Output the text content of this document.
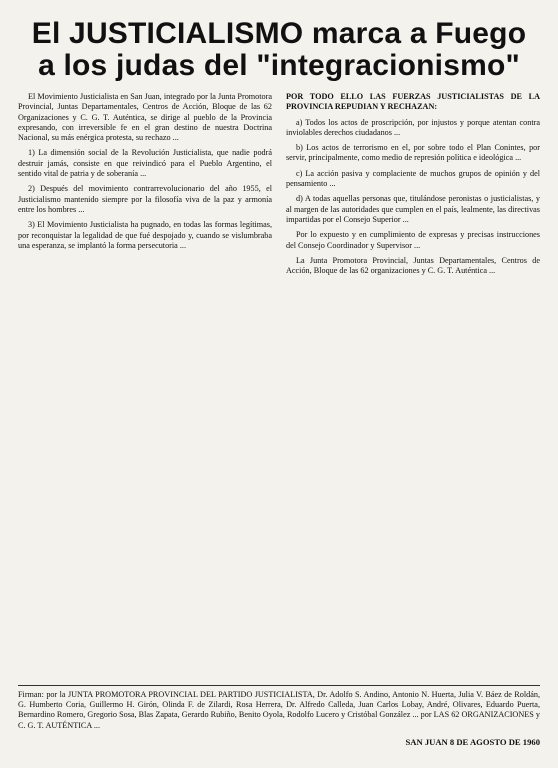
El JUSTICIALISMO marca a Fuego
a los judas del "integracionismo"

El Movimiento Justicialista en San Juan, integrado por la Junta Promotora Provincial, Juntas Departamentales, Centros de Acción, Bloque de las 62 Organizaciones y C. G. T. Auténtica, se dirige al pueblo de la Provincia expresando, con irreversible fe en el gran destino de nuestra Doctrina Nacional, su más enérgica protesta, su rechazo ...

1) La dimensión social de la Revolución Justicialista, que nadie podrá destruir jamás, consiste en que reivindicó para el Pueblo Argentino, el sentido vital de patria y de soberanía ...

2) Después del movimiento contrarrevolucionario del año 1955, el Justicialismo mantenido siempre por la filosofía viva de la paz y armonía entre los hombres ...

3) El Movimiento Justicialista ha pugnado, en todas las formas legítimas, por reconquistar la legalidad de que fué despojado y, cuando se vislumbraba una esperanza, se implantó la forma persecutoria ...

POR TODO ELLO LAS FUERZAS JUSTICIALISTAS DE LA PROVINCIA REPUDIAN Y RECHAZAN:

a) Todos los actos de proscripción, por injustos y porque atentan contra inviolables derechos ciudadanos ...

b) Los actos de terrorismo en el, por sobre todo el Plan Conintes, por servir, principalmente, como medio de represión política e ideológica ...

c) La acción pasiva y complaciente de muchos grupos de opinión y del pensamiento ...

d) A todas aquellas personas que, titulándose peronistas o justicialistas, y al margen de las autoridades que cumplen en el país, lealmente, las directivas impartidas por el Consejo Superior ...

Por lo expuesto y en cumplimiento de expresas y precisas instrucciones del Consejo Coordinador y Supervisor ...

La Junta Promotora Provincial, Juntas Departamentales, Centros de Acción, Bloque de las 62 organizaciones y C. G. T. Auténtica ...

Firman: por la JUNTA PROMOTORA PROVINCIAL DEL PARTIDO JUSTICIALISTA, Dr. Adolfo S. Andino, Antonio N. Huerta, Julia V. Báez de Roldán, G. Humberto Coria, Guillermo H. Girón, Olinda F. de Zilardi, Rosa Herrera, Dr. Alfredo Calleda, Juan Carlos Lobay, André, Olivares, Eduardo Puerta, Bernardino Romero, Gregorio Sosa, Blas Zapata, Gerardo Rubiño, Benito Oyola, Rodolfo Lucero y Cristóbal González ... por LAS 62 ORGANIZACIONES y C. G. T. AUTÉNTICA ...
SAN JUAN 8 DE AGOSTO DE 1960
